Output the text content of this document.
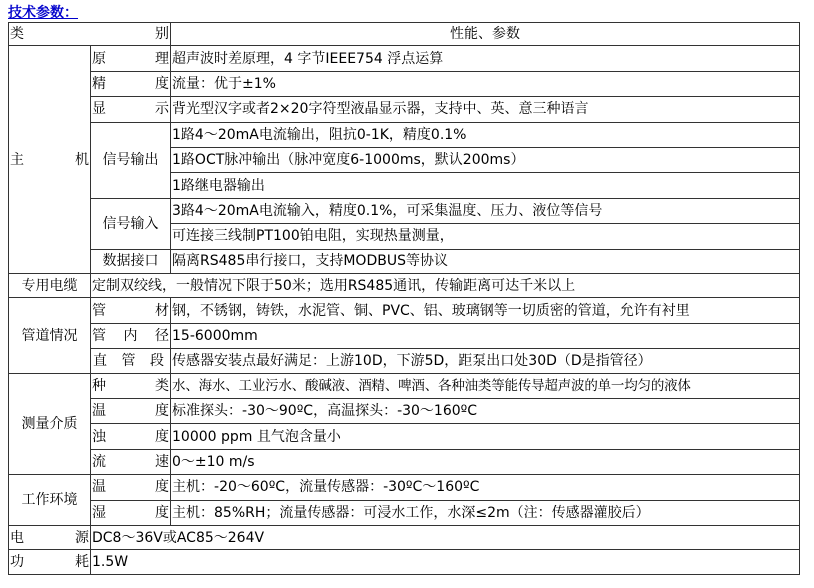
技术参数：
类 别		性能、参数
主 机	原 理	超声波时差原理，4 字节IEEE754 浮点运算
	精 度	流量：优于±1%
	显 示	背光型汉字或者2×20字符型液晶显示器，支持中、英、意三种语言
	信号输出	1路4～20mA电流输出，阻抗0-1K，精度0.1%
		1路OCT脉冲输出（脉冲宽度6-1000ms，默认200ms）
		1路继电器输出
	信号输入	3路4～20mA电流输入，精度0.1%，可采集温度、压力、液位等信号
		可连接三线制PT100铂电阻，实现热量测量，
	数据接口	隔离RS485串行接口，支持MODBUS等协议
专用电缆	定制双绞线，一般情况下限于50米；选用RS485通讯，传输距离可达千米以上	
管道情况	管 材	钢，不锈钢，铸铁，水泥管、铜、PVC、铝、玻璃钢等一切质密的管道，允许有衬里
	管 内 径	15-6000mm
	直 管 段	传感器安装点最好满足：上游10D，下游5D，距泵出口处30D（D是指管径）
测量介质	种 类	水、海水、工业污水、酸碱液、酒精、啤酒、各种油类等能传导超声波的单一均匀的液体
	温 度	标准探头：-30～90ºC，高温探头：-30～160ºC
	浊 度	10000 ppm 且气泡含量小
	流 速	0～±10 m/s
工作环境	温 度	主机：-20～60ºC，流量传感器：-30ºC～160ºC
	湿 度	主机：85%RH；流量传感器：可浸水工作，水深≤2m（注：传感器灌胶后）
电 源	DC8～36V或AC85～264V	
功 耗	1.5W	
